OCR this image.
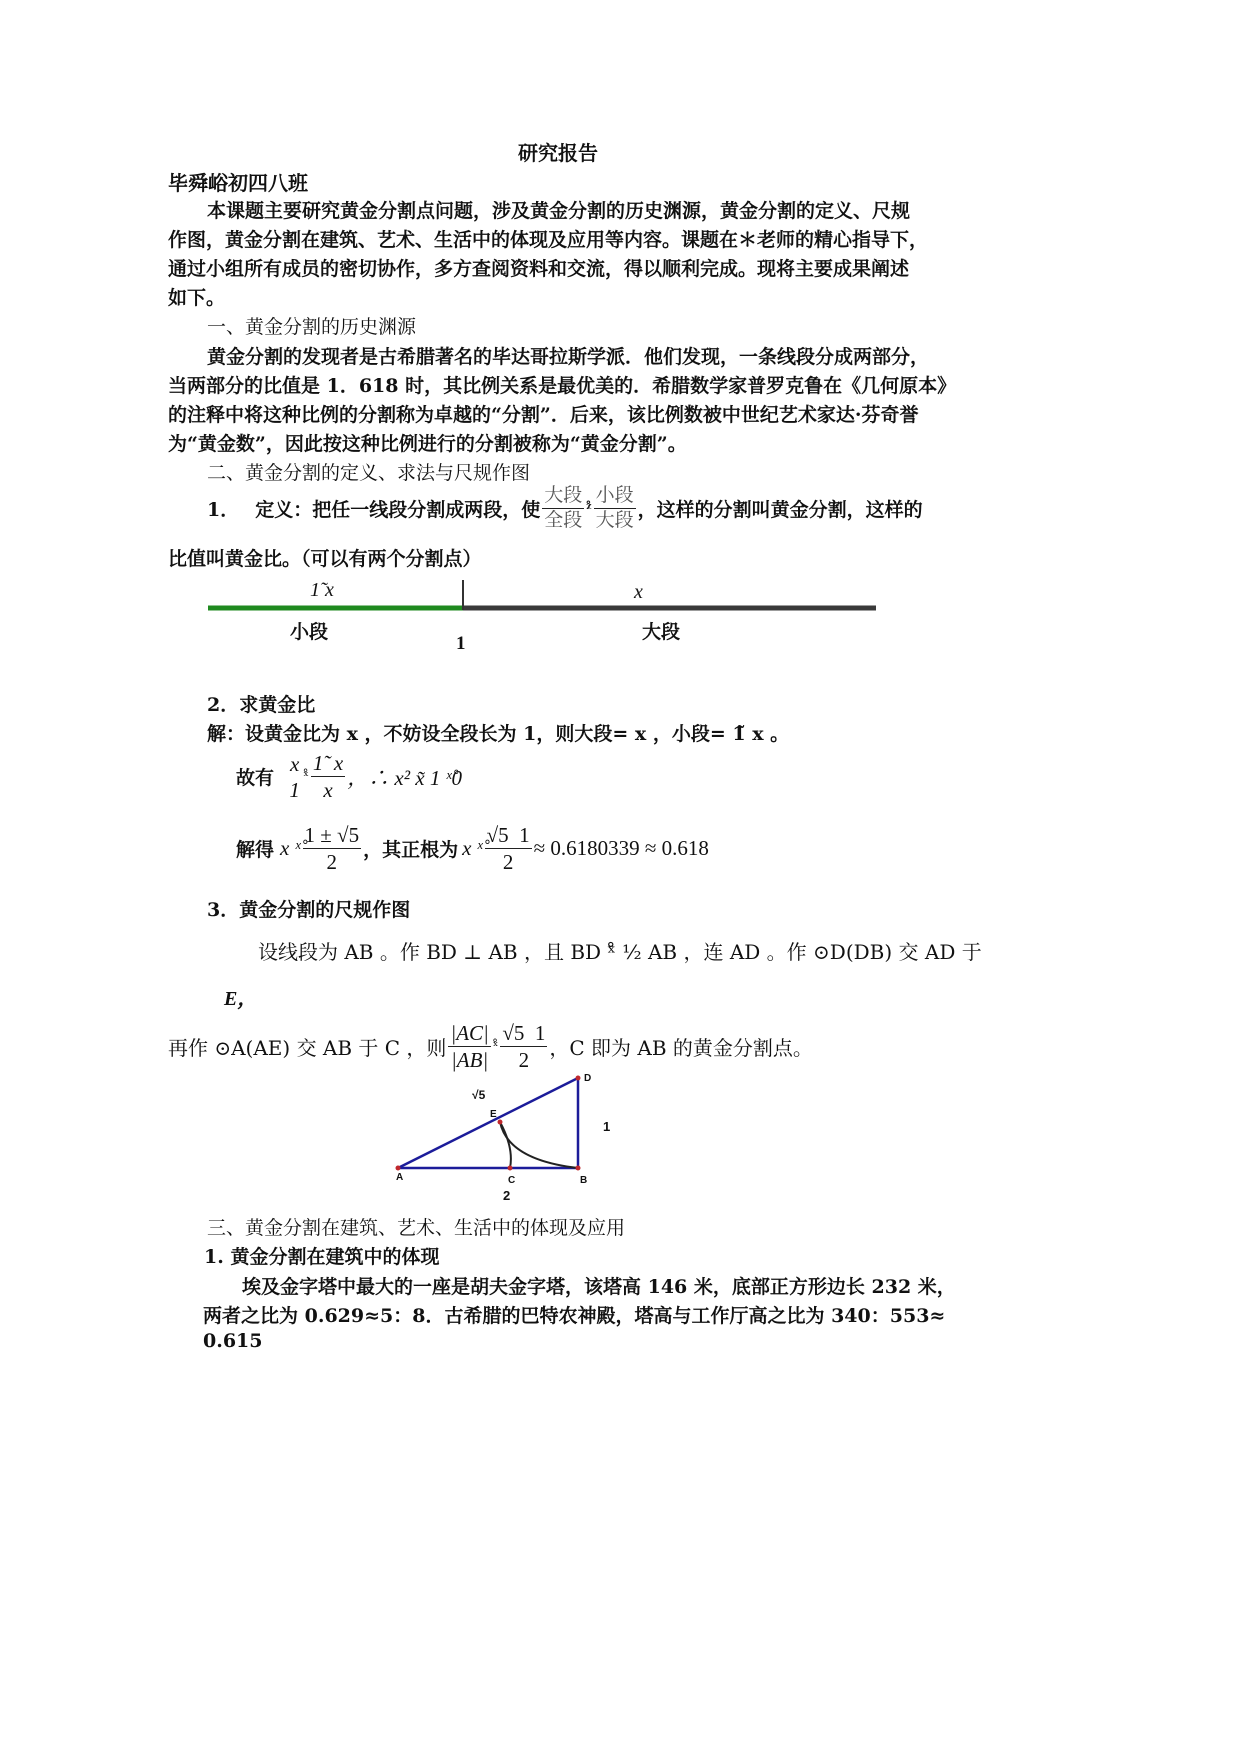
研究报告
毕舜峪初四八班
本课题主要研究黄金分割点问题，涉及黄金分割的历史渊源，黄金分割的定义、尺规
作图，黄金分割在建筑、艺术、生活中的体现及应用等内容。课题在＊老师的精心指导下，
通过小组所有成员的密切协作，多方查阅资料和交流，得以顺利完成。现将主要成果阐述
如下。
一、黄金分割的历史渊源
黄金分割的发现者是古希腊著名的毕达哥拉斯学派．他们发现，一条线段分成两部分，
当两部分的比值是 1．618 时，其比例关系是最优美的．希腊数学家普罗克鲁在《几何原本》
的注释中将这种比例的分割称为卓越的“分割”．后来，该比例数被中世纪艺术家达·芬奇誉
为“黄金数”，因此按这种比例进行的分割被称为“黄金分割”。
二、黄金分割的定义、求法与尺规作图
1． 定义：把任一线段分割成两段，使 $\frac{\text{大段}}{\text{全段}}$ ᵡ̊ $\frac{\text{小段}}{\text{大段}}$ ，这样的分割叫黄金分割，这样的
比值叫黄金比。（可以有两个分割点）
1̃ x	x
小段	大段
1
2．求黄金比
解：设黄金比为 x ，不妨设全段长为 1，则大段= x ，小段= 1̃ x 。
故有
x
1
ˣ̊ $\frac{1̃ x}{x}$ ，∴ x² x̃ 1 ˣ̊0
解得 x ˣ̊ $\frac{1 \pm √5}{2}$ ，其正根为 x ˣ̊ $\frac{√5 1}{2} \approx 0.6180339 \approx 0.618$
3．黄金分割的尺规作图
设线段为 AB 。作 BD ⊥ AB ，且 BD ˣ̊ ½ AB ，连 AD 。作 ⊙D(DB) 交 AD 于
E，
再作 ⊙A(AE) 交 AB 于 C ，则 $\frac{|AC|}{|AB|}$ ˣ̊ $\frac{√5 1}{2}$ ，C 即为 AB 的黄金分割点。
A	B
C
D
E
√5
1
2
三、黄金分割在建筑、艺术、生活中的体现及应用
1. 黄金分割在建筑中的体现
埃及金字塔中最大的一座是胡夫金字塔，该塔高 146 米，底部正方形边长 232 米，
两者之比为 0.629≈5：8．古希腊的巴特农神殿，塔高与工作厅高之比为 340：553≈
0.615
